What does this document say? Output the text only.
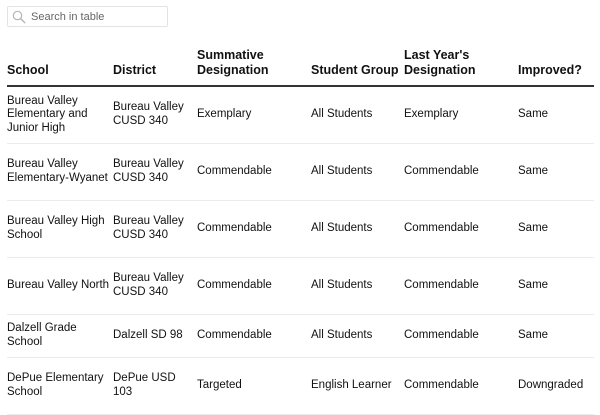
Search in table
School	District	Summative Designation	Student Group	Last Year's Designation	Improved?
Bureau Valley Elementary and Junior High	Bureau Valley CUSD 340	Exemplary	All Students	Exemplary	Same
Bureau Valley Elementary-Wyanet	Bureau Valley CUSD 340	Commendable	All Students	Commendable	Same
Bureau Valley High School	Bureau Valley CUSD 340	Commendable	All Students	Commendable	Same
Bureau Valley North	Bureau Valley CUSD 340	Commendable	All Students	Commendable	Same
Dalzell Grade School	Dalzell SD 98	Commendable	All Students	Commendable	Same
DePue Elementary School	DePue USD 103	Targeted	English Learner	Commendable	Downgraded
